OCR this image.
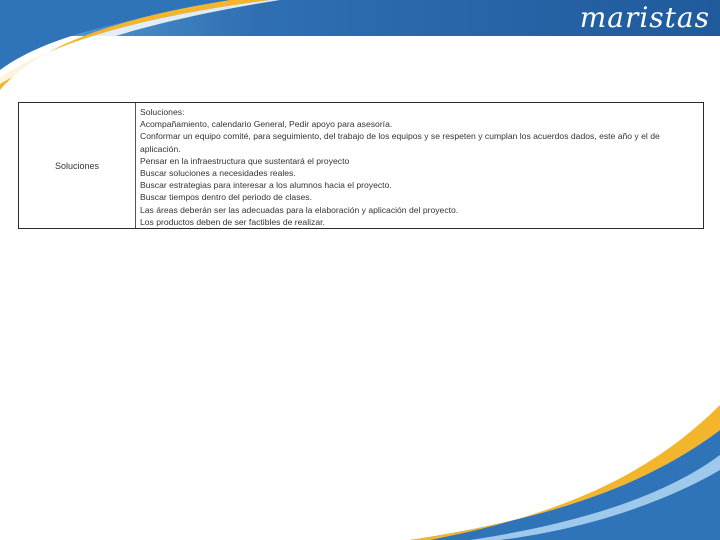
maristas
Soluciones

Soluciones:

Acompañamiento, calendario General, Pedir apoyo para asesoría.

Conformar un equipo comité, para seguimiento, del trabajo de los equipos y se respeten y cumplan los acuerdos dados, este año y el de

aplicación.

Pensar en la infraestructura que sustentará el proyecto

Buscar soluciones a necesidades reales.

Buscar estrategias para interesar a los alumnos hacia el proyecto.

Buscar tiempos dentro del periodo de clases.

Las áreas deberán ser las adecuadas para la elaboración y aplicación del proyecto.

Los productos deben de ser factibles de realizar.
